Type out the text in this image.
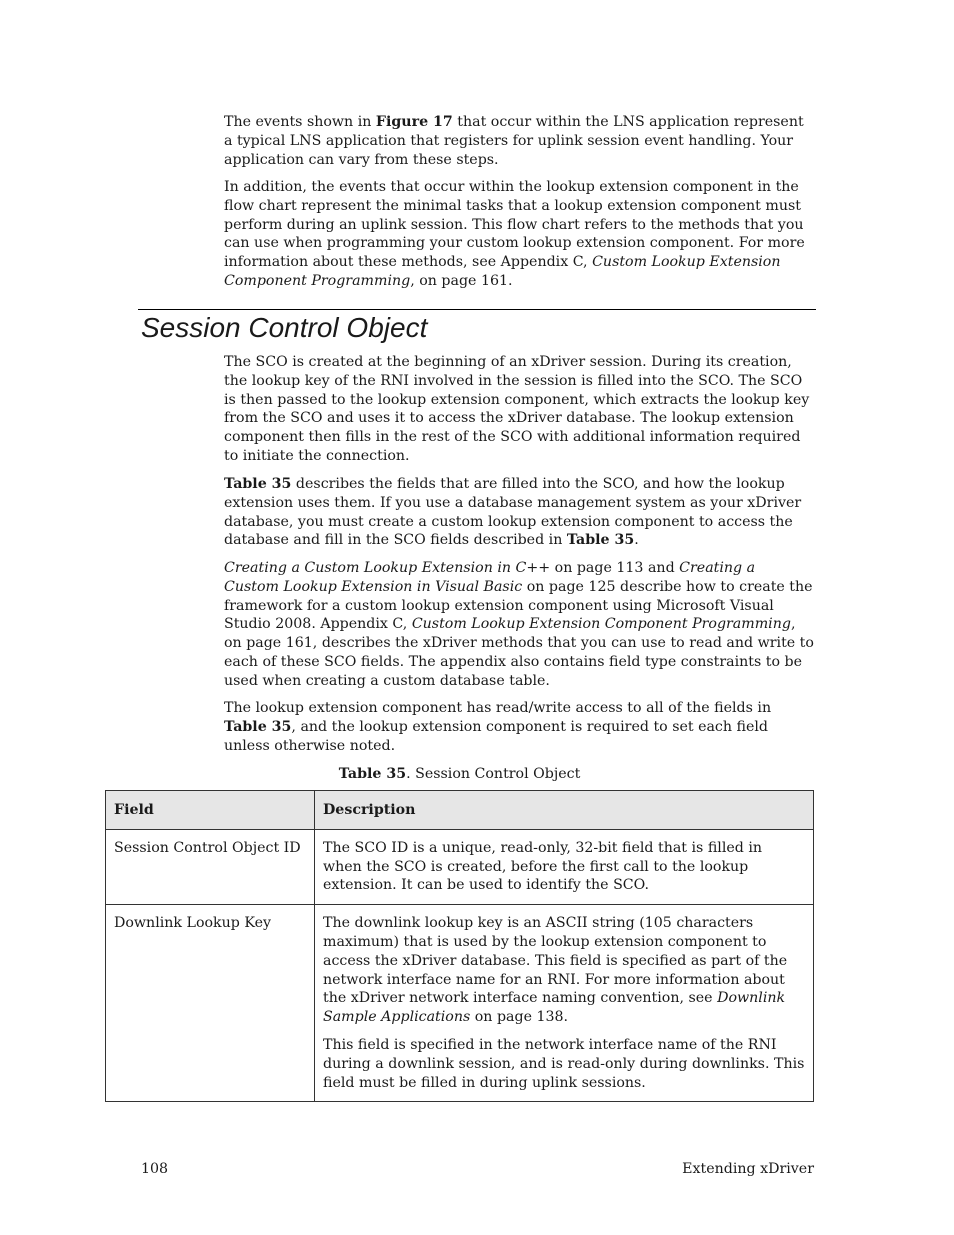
The events shown in Figure 17 that occur within the LNS application represent a typical LNS application that registers for uplink session event handling. Your application can vary from these steps.

In addition, the events that occur within the lookup extension component in the flow chart represent the minimal tasks that a lookup extension component must perform during an uplink session. This flow chart refers to the methods that you can use when programming your custom lookup extension component. For more information about these methods, see Appendix C, Custom Lookup Extension Component Programming, on page 161.

Session Control Object

The SCO is created at the beginning of an xDriver session. During its creation, the lookup key of the RNI involved in the session is filled into the SCO. The SCO is then passed to the lookup extension component, which extracts the lookup key from the SCO and uses it to access the xDriver database. The lookup extension component then fills in the rest of the SCO with additional information required to initiate the connection.

Table 35 describes the fields that are filled into the SCO, and how the lookup extension uses them. If you use a database management system as your xDriver database, you must create a custom lookup extension component to access the database and fill in the SCO fields described in Table 35.

Creating a Custom Lookup Extension in C++ on page 113 and Creating a Custom Lookup Extension in Visual Basic on page 125 describe how to create the framework for a custom lookup extension component using Microsoft Visual Studio 2008. Appendix C, Custom Lookup Extension Component Programming, on page 161, describes the xDriver methods that you can use to read and write to each of these SCO fields. The appendix also contains field type constraints to be used when creating a custom database table.

The lookup extension component has read/write access to all of the fields in Table 35, and the lookup extension component is required to set each field unless otherwise noted.

Table 35. Session Control Object

Field	Description
Session Control Object ID	The SCO ID is a unique, read-only, 32-bit field that is filled in when the SCO is created, before the first call to the lookup extension. It can be used to identify the SCO.

Downlink Lookup Key	The downlink lookup key is an ASCII string (105 characters maximum) that is used by the lookup extension component to access the xDriver database. This field is specified as part of the network interface name for an RNI. For more information about the xDriver network interface naming convention, see Downlink Sample Applications on page 138.

This field is specified in the network interface name of the RNI during a downlink session, and is read-only during downlinks. This field must be filled in during uplink sessions.

108	Extending xDriver
